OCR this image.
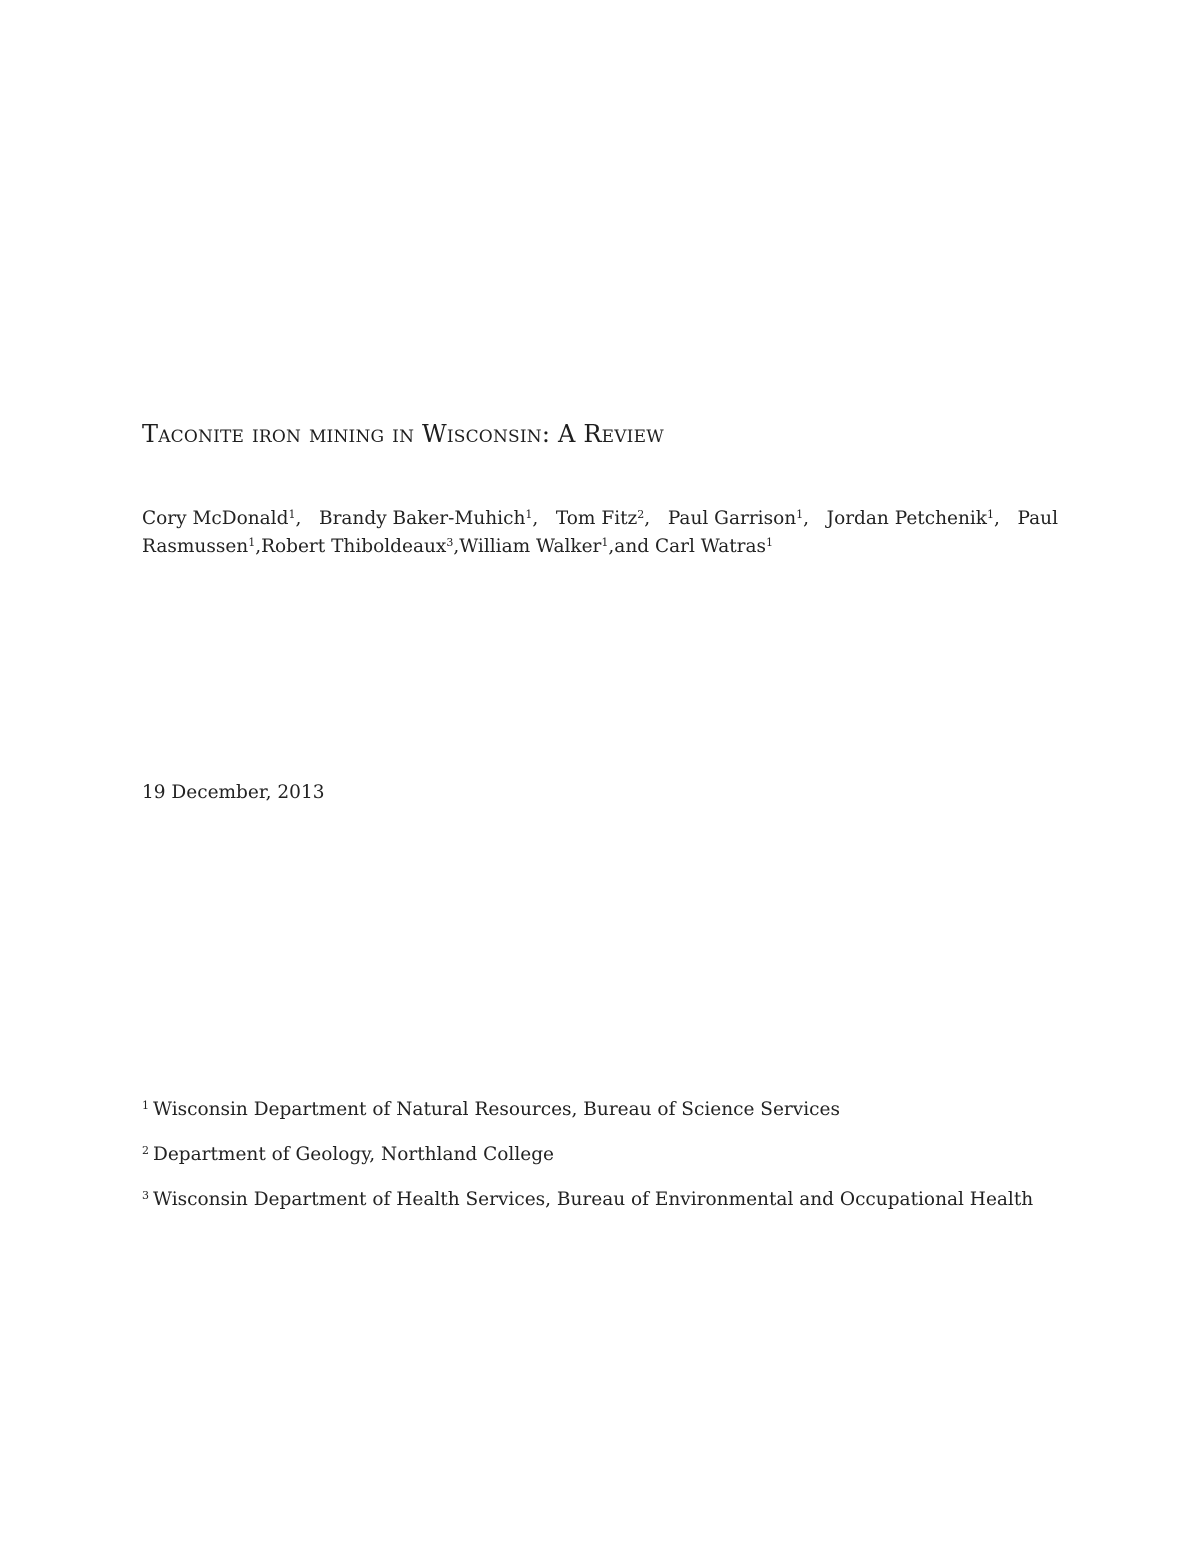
Taconite iron mining in Wisconsin: A Review
Cory McDonald$^1$, Brandy Baker-Muhich$^1$, Tom Fitz$^2$, Paul Garrison$^1$, Jordan Petchenik$^1$, Paul
Rasmussen$^1$, Robert Thiboldeaux$^3$, William Walker$^1$, and Carl Watras$^1$
19 December, 2013
$^1$ Wisconsin Department of Natural Resources, Bureau of Science Services
$^2$ Department of Geology, Northland College
$^3$ Wisconsin Department of Health Services, Bureau of Environmental and Occupational Health
